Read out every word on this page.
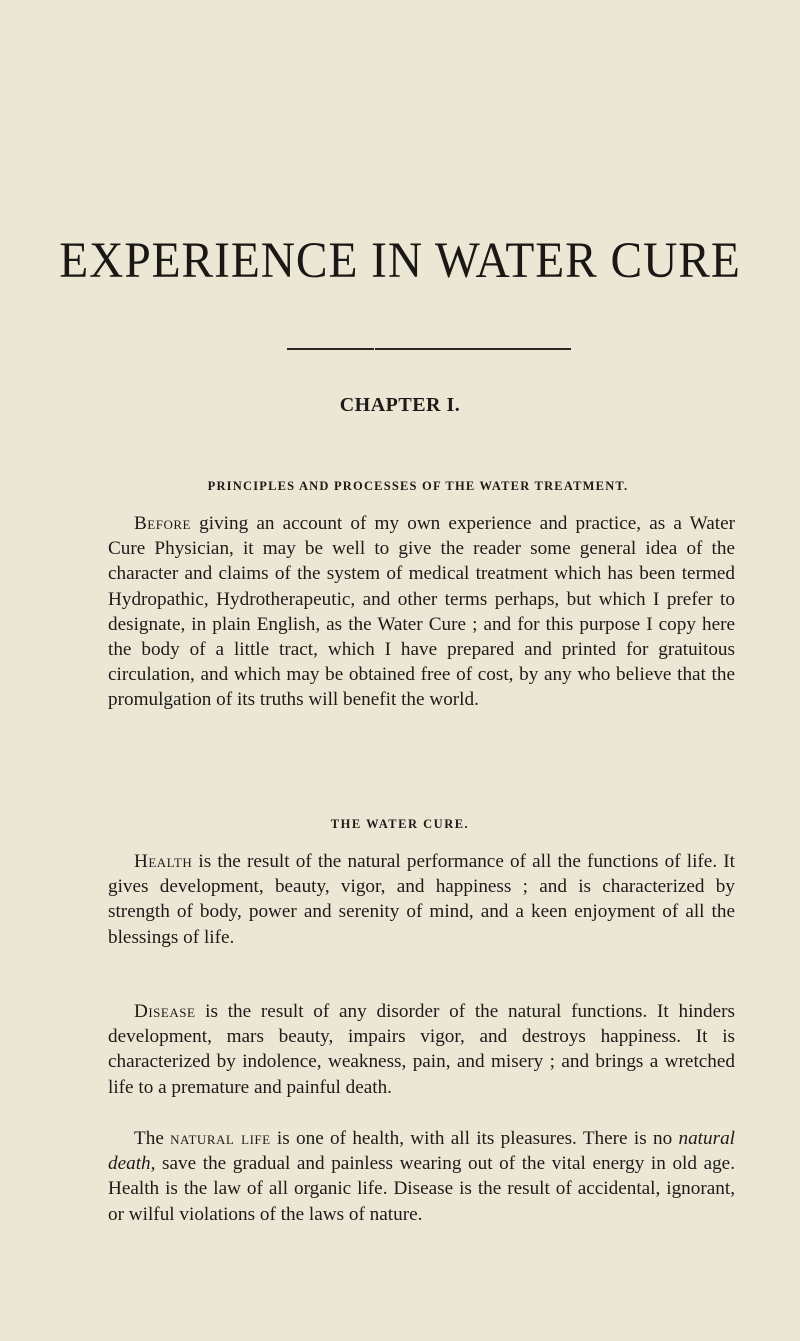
EXPERIENCE IN WATER CURE
CHAPTER I.
PRINCIPLES AND PROCESSES OF THE WATER TREATMENT.

Before giving an account of my own experience and practice, as a Water Cure Physician, it may be well to give the reader some general idea of the character and claims of the system of medical treatment which has been termed Hydropathic, Hydrotherapeutic, and other terms perhaps, but which I prefer to designate, in plain English, as the Water Cure ; and for this purpose I copy here the body of a little tract, which I have prepared and printed for gratuitous circulation, and which may be obtained free of cost, by any who believe that the promulgation of its truths will benefit the world.

THE WATER CURE.

Health is the result of the natural performance of all the functions of life. It gives development, beauty, vigor, and happiness ; and is characterized by strength of body, power and serenity of mind, and a keen enjoyment of all the blessings of life.

Disease is the result of any disorder of the natural functions. It hinders development, mars beauty, impairs vigor, and destroys happiness. It is characterized by indolence, weakness, pain, and misery ; and brings a wretched life to a premature and painful death.

The natural life is one of health, with all its pleasures. There is no natural death, save the gradual and painless wearing out of the vital energy in old age. Health is the law of all organic life. Disease is the result of accidental, ignorant, or wilful violations of the laws of nature.
